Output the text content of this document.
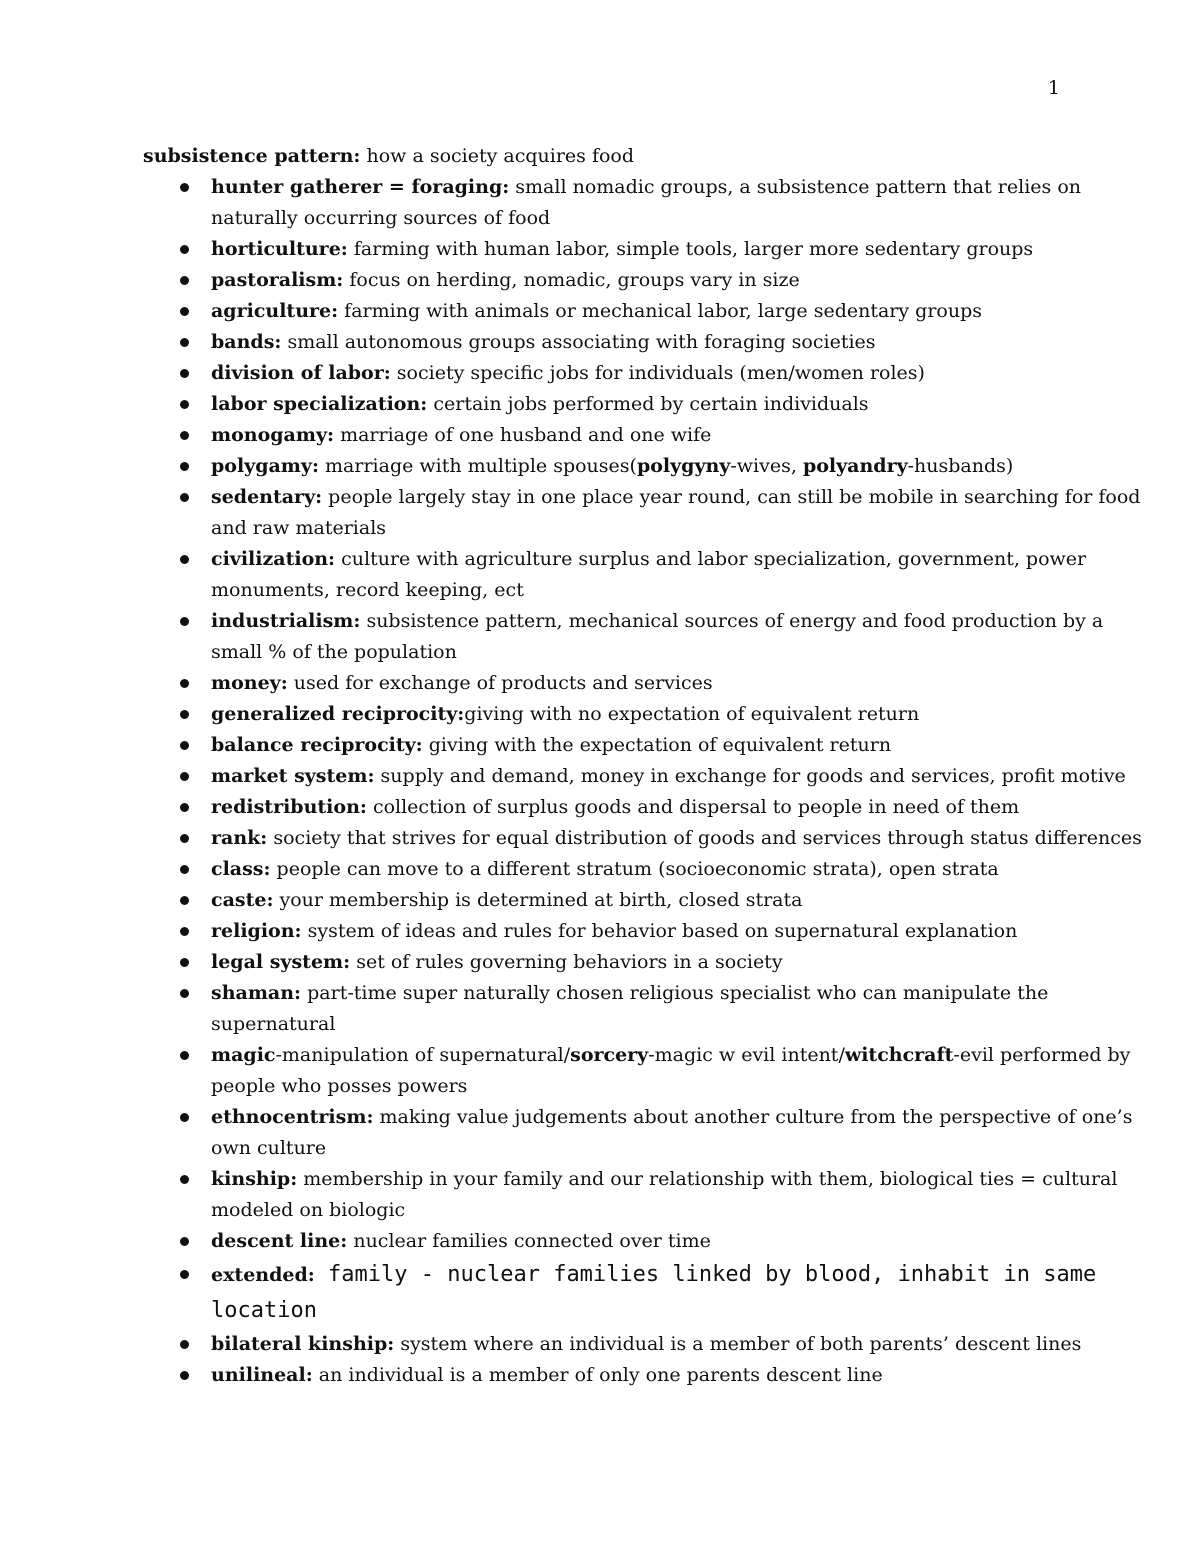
1
subsistence pattern: how a society acquires food
hunter gatherer = foraging: small nomadic groups, a subsistence pattern that relies on naturally occurring sources of food
horticulture: farming with human labor, simple tools, larger more sedentary groups
pastoralism: focus on herding, nomadic, groups vary in size
agriculture: farming with animals or mechanical labor, large sedentary groups
bands: small autonomous groups associating with foraging societies
division of labor: society specific jobs for individuals (men/women roles)
labor specialization: certain jobs performed by certain individuals
monogamy: marriage of one husband and one wife
polygamy: marriage with multiple spouses(polygyny-wives, polyandry-husbands)
sedentary: people largely stay in one place year round, can still be mobile in searching for food and raw materials
civilization: culture with agriculture surplus and labor specialization, government, power monuments, record keeping, ect
industrialism: subsistence pattern, mechanical sources of energy and food production by a small % of the population
money: used for exchange of products and services
generalized reciprocity:giving with no expectation of equivalent return
balance reciprocity: giving with the expectation of equivalent return
market system: supply and demand, money in exchange for goods and services, profit motive
redistribution: collection of surplus goods and dispersal to people in need of them
rank: society that strives for equal distribution of goods and services through status differences
class: people can move to a different stratum (socioeconomic strata), open strata
caste: your membership is determined at birth, closed strata
religion: system of ideas and rules for behavior based on supernatural explanation
legal system: set of rules governing behaviors in a society
shaman: part-time super naturally chosen religious specialist who can manipulate the supernatural
magic-manipulation of supernatural/sorcery-magic w evil intent/witchcraft-evil performed by people who posses powers
ethnocentrism: making value judgements about another culture from the perspective of one’s own culture
kinship: membership in your family and our relationship with them, biological ties = cultural modeled on biologic
descent line: nuclear families connected over time
extended: family - nuclear families linked by blood, inhabit in same location
bilateral kinship: system where an individual is a member of both parents’ descent lines
unilineal: an individual is a member of only one parents descent line
